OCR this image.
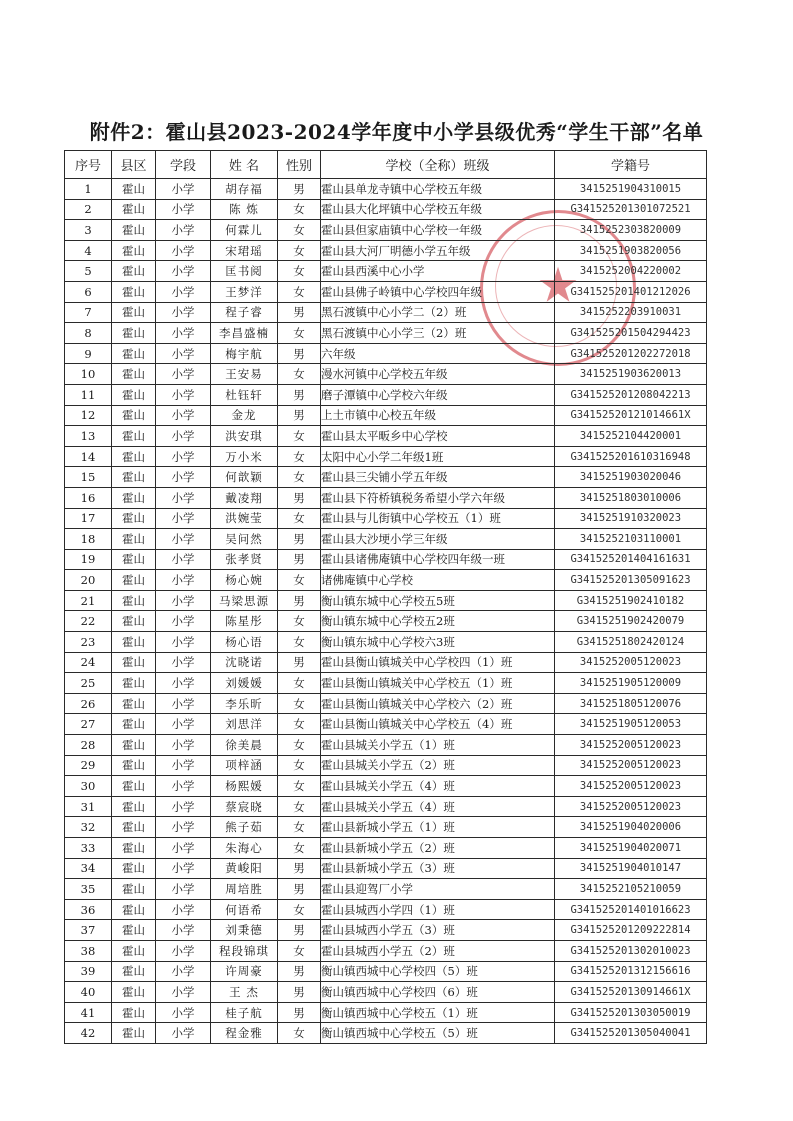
附件2：霍山县2023-2024学年度中小学县级优秀“学生干部”名单
★
序号	县区	学段	姓 名	性别	学校（全称）班级	学籍号
1	霍山	小学	胡存福	男	霍山县单龙寺镇中心学校五年级	3415251904310015
2	霍山	小学	陈 炼	女	霍山县大化坪镇中心学校五年级	G3415252013010725​21
3	霍山	小学	何霖儿	女	霍山县但家庙镇中心学校一年级	3415252303820009
4	霍山	小学	宋珺瑶	女	霍山县大河厂明德小学五年级	3415251903820056
5	霍山	小学	匡书阅	女	霍山县西溪中心小学	3415252004220002
6	霍山	小学	王梦洋	女	霍山县佛子岭镇中心学校四年级	G341525201401212026
7	霍山	小学	程子睿	男	黑石渡镇中心小学二（2）班	3415252203910031
8	霍山	小学	李昌盛楠	女	黑石渡镇中心小学三（2）班	G341525201504294423
9	霍山	小学	梅宇航	男	六年级	G341525201202272018
10	霍山	小学	王安易	女	漫水河镇中心学校五年级	3415251903620013
11	霍山	小学	杜钰轩	男	磨子潭镇中心学校六年级	G341525201208042213
12	霍山	小学	金龙	男	上土市镇中心校五年级	G341525201210146​61X
13	霍山	小学	洪安琪	女	霍山县太平畈乡中心学校	3415252104420001
14	霍山	小学	万小米	女	太阳中心小学二年级1班	G341525201610316948
15	霍山	小学	何歆颖	女	霍山县三尖铺小学五年级	3415251903020046
16	霍山	小学	戴凌翔	男	霍山县下符桥镇税务希望小学六年级	3415251803010006
17	霍山	小学	洪婉莹	女	霍山县与儿街镇中心学校五（1）班	3415251910320023
18	霍山	小学	吴问然	男	霍山县大沙埂小学三年级	3415252103110001
19	霍山	小学	张孝贤	男	霍山县诸佛庵镇中心学校四年级一班	G341525201404161631
20	霍山	小学	杨心婉	女	诸佛庵镇中心学校	G341525201305091623
21	霍山	小学	马梁思源	男	衡山镇东城中心学校五5班	G3415251902410182
22	霍山	小学	陈星彤	女	衡山镇东城中心学校五2班	G3415251902420079
23	霍山	小学	杨心语	女	衡山镇东城中心学校六3班	G3415251802420124
24	霍山	小学	沈晓诺	男	霍山县衡山镇城关中心学校四（1）班	3415252005120023
25	霍山	小学	刘媛媛	女	霍山县衡山镇城关中心学校五（1）班	3415251905120009
26	霍山	小学	李乐昕	女	霍山县衡山镇城关中心学校六（2）班	3415251805120076
27	霍山	小学	刘思洋	女	霍山县衡山镇城关中心学校五（4）班	3415251905120053
28	霍山	小学	徐美晨	女	霍山县城关小学五（1）班	3415252005120023
29	霍山	小学	项梓涵	女	霍山县城关小学五（2）班	3415252005120023
30	霍山	小学	杨熙媛	女	霍山县城关小学五（4）班	3415252005120023
31	霍山	小学	蔡宸晓	女	霍山县城关小学五（4）班	3415252005120023
32	霍山	小学	熊子茹	女	霍山县新城小学五（1）班	3415251904020006
33	霍山	小学	朱海心	女	霍山县新城小学五（2）班	3415251904020071
34	霍山	小学	黄峻阳	男	霍山县新城小学五（3）班	3415251904010147
35	霍山	小学	周培胜	男	霍山县迎驾厂小学	3415252105210059
36	霍山	小学	何语希	女	霍山县城西小学四（1）班	G341525201401016623
37	霍山	小学	刘秉德	男	霍山县城西小学五（3）班	G341525201209222814
38	霍山	小学	程段锦琪	女	霍山县城西小学五（2）班	G341525201302010023
39	霍山	小学	许周豪	男	衡山镇西城中心学校四（5）班	G341525201312156616
40	霍山	小学	王 杰	男	衡山镇西城中心学校四（6）班	G341525201309146​61X
41	霍山	小学	桂子航	男	衡山镇西城中心学校五（1）班	G341525201303050019
42	霍山	小学	程金雅	女	衡山镇西城中心学校五（5）班	G341525201305040041
